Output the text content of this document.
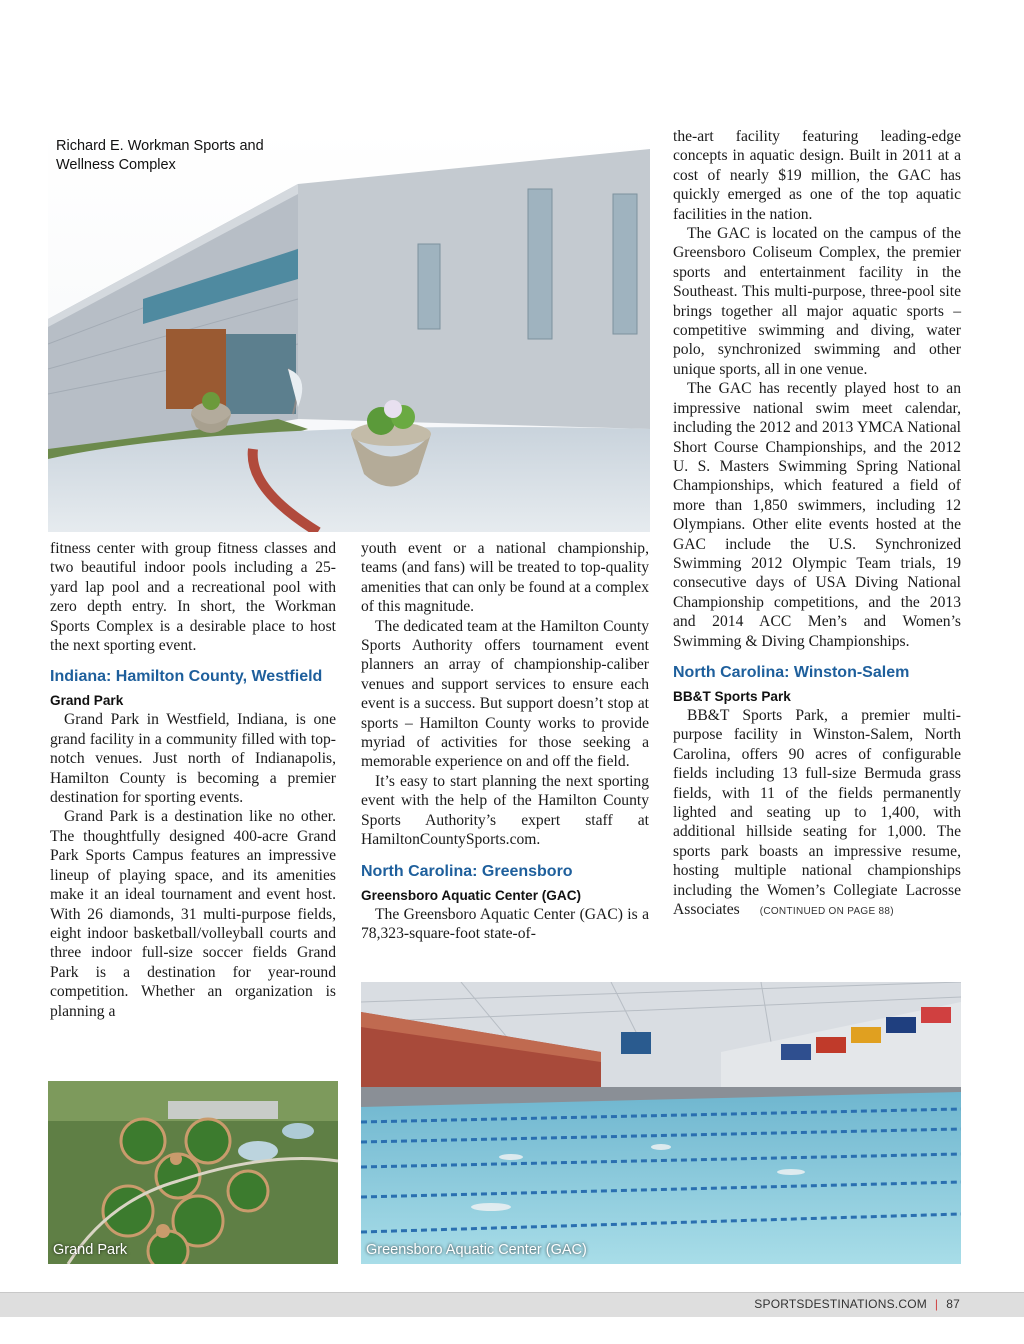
Richard E. Workman Sports and Wellness Complex

fitness center with group fitness classes and two beautiful indoor pools including a 25-yard lap pool and a recreational pool with zero depth entry. In short, the Workman Sports Complex is a desirable place to host the next sporting event.

Indiana: Hamilton County, Westfield
Grand Park

Grand Park in Westfield, Indiana, is one grand facility in a community filled with top-notch venues. Just north of Indianapolis, Hamilton County is becoming a premier destination for sporting events.

Grand Park is a destination like no other. The thoughtfully designed 400-acre Grand Park Sports Campus features an impressive lineup of playing space, and its amenities make it an ideal tournament and event host. With 26 diamonds, 31 multi-purpose fields, eight indoor basketball/volleyball courts and three indoor full-size soccer fields Grand Park is a destination for year-round competition. Whether an organization is planning a

youth event or a national championship, teams (and fans) will be treated to top-quality amenities that can only be found at a complex of this magnitude.

The dedicated team at the Hamilton County Sports Authority offers tournament event planners an array of championship-caliber venues and support services to ensure each event is a success. But support doesn’t stop at sports – Hamilton County works to provide myriad of activities for those seeking a memorable experience on and off the field.

It’s easy to start planning the next sporting event with the help of the Hamilton County Sports Authority’s expert staff at HamiltonCountySports.com.

North Carolina: Greensboro
Greensboro Aquatic Center (GAC)

The Greensboro Aquatic Center (GAC) is a 78,323-square-foot state-of-

the-art facility featuring leading-edge concepts in aquatic design. Built in 2011 at a cost of nearly $19 million, the GAC has quickly emerged as one of the top aquatic facilities in the nation.

The GAC is located on the campus of the Greensboro Coliseum Complex, the premier sports and entertainment facility in the Southeast. This multi-purpose, three-pool site brings together all major aquatic sports – competitive swimming and diving, water polo, synchronized swimming and other unique sports, all in one venue.

The GAC has recently played host to an impressive national swim meet calendar, including the 2012 and 2013 YMCA National Short Course Championships, and the 2012 U. S. Masters Swimming Spring National Championships, which featured a field of more than 1,850 swimmers, including 12 Olympians. Other elite events hosted at the GAC include the U.S. Synchronized Swimming 2012 Olympic Team trials, 19 consecutive days of USA Diving National Championship competitions, and the 2013 and 2014 ACC Men’s and Women’s Swimming & Diving Championships.

North Carolina: Winston-Salem
BB&T Sports Park

BB&T Sports Park, a premier multi-purpose facility in Winston-Salem, North Carolina, offers 90 acres of configurable fields including 13 full-size Bermuda grass fields, with 11 of the fields permanently lighted and seating up to 1,400, with additional hillside seating for 1,000. The sports park boasts an impressive resume, hosting multiple national championships including the Women’s Collegiate Lacrosse Associates (CONTINUED ON PAGE 88)

Grand Park	Greensboro Aquatic Center (GAC)
SPORTSDESTINATIONS.COM | 87
